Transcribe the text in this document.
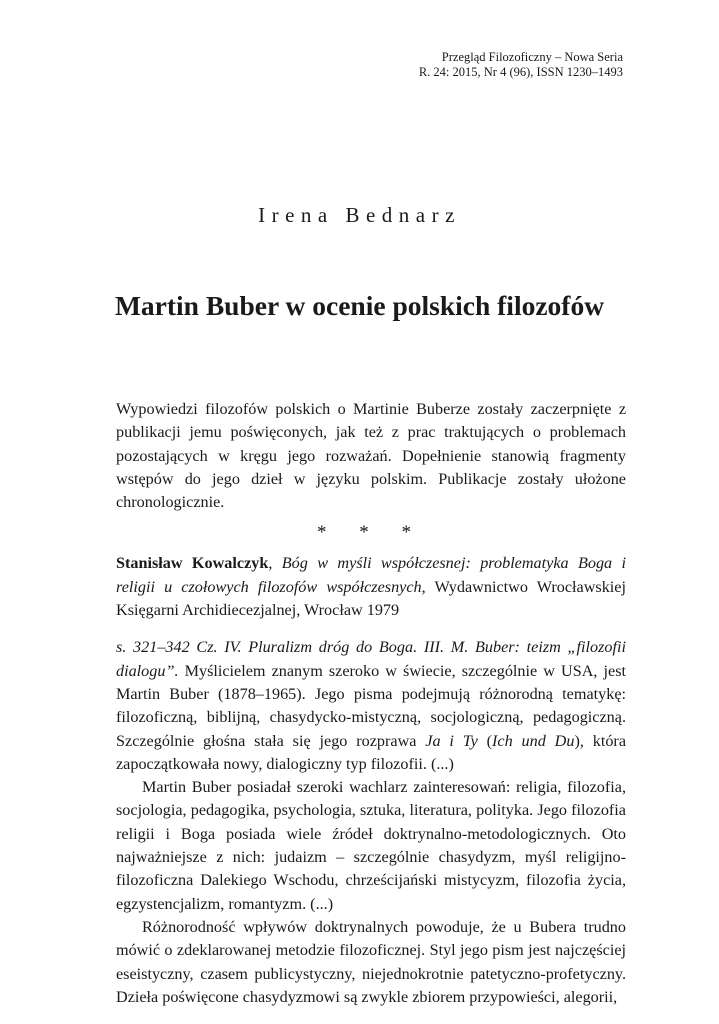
Przegląd Filozoficzny – Nowa Seria
R. 24: 2015, Nr 4 (96), ISSN 1230–1493
Irena Bednarz
Martin Buber w ocenie polskich filozofów

Wypowiedzi filozofów polskich o Martinie Buberze zostały zaczerpnięte z publikacji jemu poświęconych, jak też z prac traktujących o problemach pozostających w kręgu jego rozważań. Dopełnienie stanowią fragmenty wstępów do jego dzieł w języku polskim. Publikacje zostały ułożone chronologicznie.

* * *

Stanisław Kowalczyk, Bóg w myśli współczesnej: problematyka Boga i religii u czołowych filozofów współczesnych, Wydawnictwo Wrocławskiej Księgarni Archidiecezjalnej, Wrocław 1979

s. 321–342 Cz. IV. Pluralizm dróg do Boga. III. M. Buber: teizm „filozofii dialogu”. Myślicielem znanym szeroko w świecie, szczególnie w USA, jest Martin Buber (1878–1965). Jego pisma podejmują różnorodną tematykę: filozoficzną, biblijną, chasydycko-mistyczną, socjologiczną, pedagogiczną. Szczególnie głośna stała się jego rozprawa Ja i Ty (Ich und Du), która zapoczątkowała nowy, dialogiczny typ filozofii. (...)

Martin Buber posiadał szeroki wachlarz zainteresowań: religia, filozofia, socjologia, pedagogika, psychologia, sztuka, literatura, polityka. Jego filozofia religii i Boga posiada wiele źródeł doktrynalno-metodologicznych. Oto najważniejsze z nich: judaizm – szczególnie chasydyzm, myśl religijno-filozoficzna Dalekiego Wschodu, chrześcijański mistycyzm, filozofia życia, egzystencjalizm, romantyzm. (...)

Różnorodność wpływów doktrynalnych powoduje, że u Bubera trudno mówić o zdeklarowanej metodzie filozoficznej. Styl jego pism jest najczęściej eseistyczny, czasem publicystyczny, niejednokrotnie patetyczno-profetyczny. Dzieła poświęcone chasydyzmowi są zwykle zbiorem przypowieści, alegorii,
